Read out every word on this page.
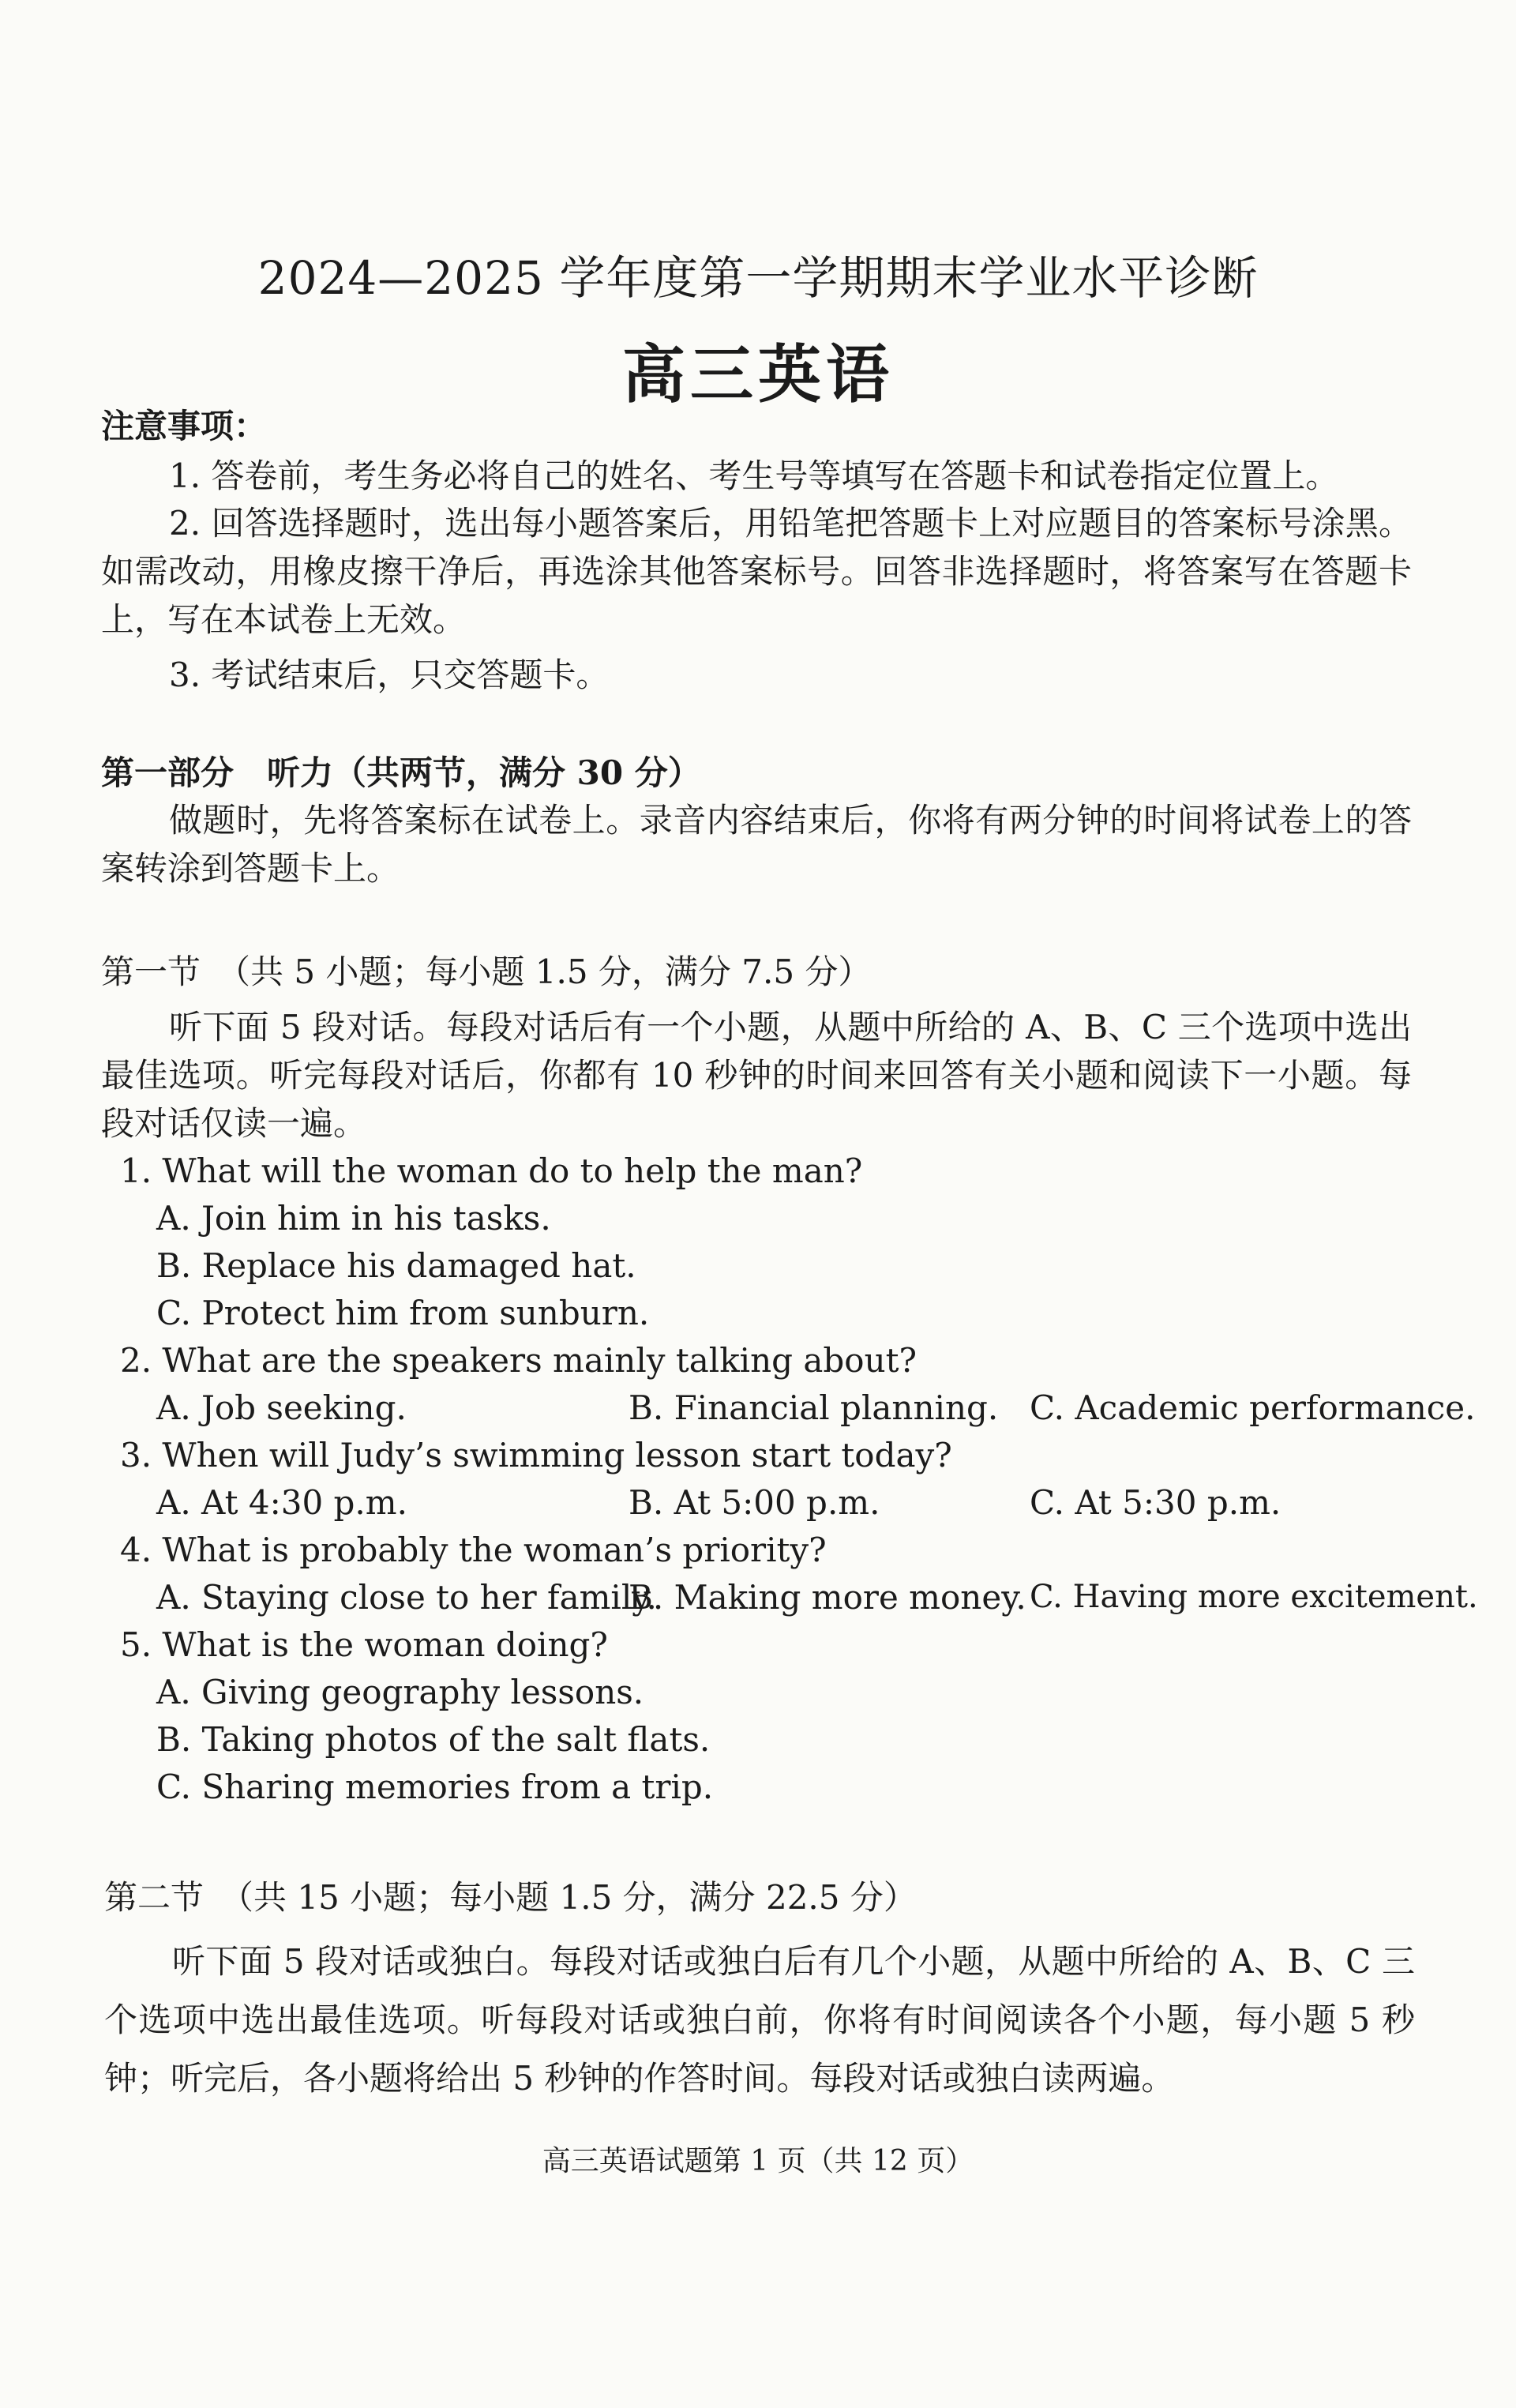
2024—2025 学年度第一学期期末学业水平诊断
高三英语
注意事项：
1. 答卷前，考生务必将自己的姓名、考生号等填写在答题卡和试卷指定位置上。
2. 回答选择题时，选出每小题答案后，用铅笔把答题卡上对应题目的答案标号涂黑。如需改动，用橡皮擦干净后，再选涂其他答案标号。回答非选择题时，将答案写在答题卡上，写在本试卷上无效。
3. 考试结束后，只交答题卡。
第一部分　听力（共两节，满分 30 分）
做题时，先将答案标在试卷上。录音内容结束后，你将有两分钟的时间将试卷上的答案转涂到答题卡上。
第一节　（共 5 小题；每小题 1.5 分，满分 7.5 分）
听下面 5 段对话。每段对话后有一个小题，从题中所给的 A、B、C 三个选项中选出最佳选项。听完每段对话后，你都有 10 秒钟的时间来回答有关小题和阅读下一小题。每段对话仅读一遍。
1. What will the woman do to help the man?
A. Join him in his tasks.
B. Replace his damaged hat.
C. Protect him from sunburn.
2. What are the speakers mainly talking about?
A. Job seeking.	B. Financial planning. C. Academic performance.
3. When will Judy’s swimming lesson start today?
A. At 4:30 p.m.	B. At 5:00 p.m.	C. At 5:30 p.m.
4. What is probably the woman’s priority?
A. Staying close to her family.
B. Making more money. C. Having more excitement.
5. What is the woman doing?
A. Giving geography lessons.
B. Taking photos of the salt flats.
C. Sharing memories from a trip.
第二节　（共 15 小题；每小题 1.5 分，满分 22.5 分）
听下面 5 段对话或独白。每段对话或独白后有几个小题，从题中所给的 A、B、C 三个选项中选出最佳选项。听每段对话或独白前，你将有时间阅读各个小题，每小题 5 秒钟；听完后，各小题将给出 5 秒钟的作答时间。每段对话或独白读两遍。
高三英语试题第 1 页（共 12 页）
